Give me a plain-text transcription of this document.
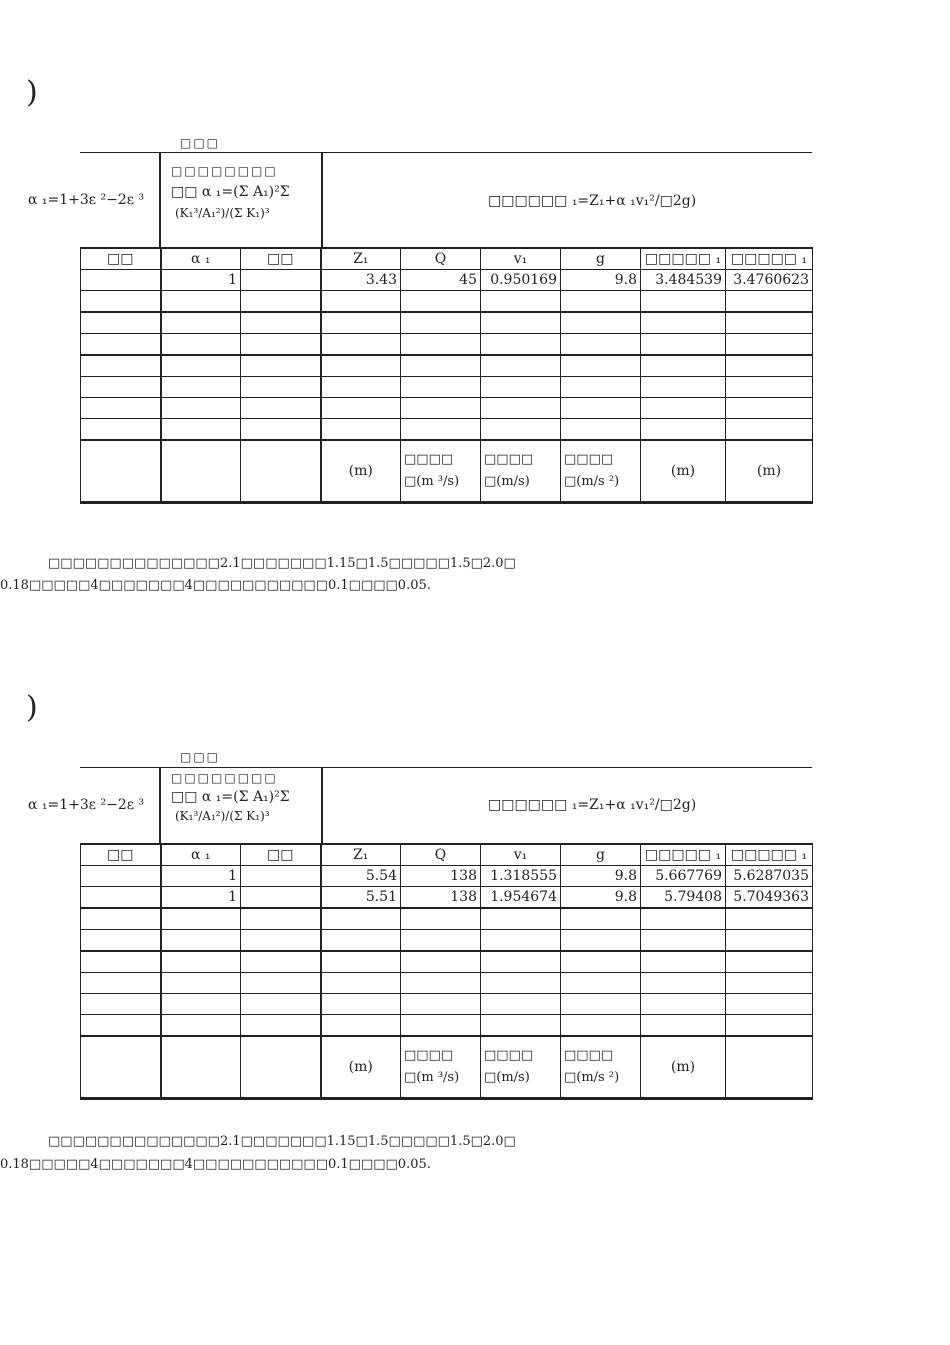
)
□□□
α ₁=1+3ε ²−2ε ³
□□□□□□□□
□□ α ₁=(Σ A₁)²Σ
(K₁³/A₁²)/(Σ K₁)³
□□□□□□ ₁=Z₁+α ₁v₁²/□2g)
□□	α ₁	□□	Z₁	Q	v₁	g	□□□□□ ₁	□□□□□ ₁
	1		3.43	45	0.950169	9.8	3.484539	3.4760623

			(m)	□□□□ □(m ³/s)	□□□□ □(m/s)	□□□□ □(m/s ²)	(m)	(m)
□□□□□□□□□□□□□□2.1□□□□□□□1.15□1.5□□□□□1.5□2.0□
0.18□□□□□4□□□□□□□4□□□□□□□□□□□0.1□□□□0.05.
)
□□□
α ₁=1+3ε ²−2ε ³
□□□□□□□□
□□ α ₁=(Σ A₁)²Σ
(K₁³/A₁²)/(Σ K₁)³
□□□□□□ ₁=Z₁+α ₁v₁²/□2g)
□□	α ₁	□□	Z₁	Q	v₁	g	□□□□□ ₁	□□□□□ ₁
	1		5.54	138	1.318555	9.8	5.667769	5.6287035
	1		5.51	138	1.954674	9.8	5.79408	5.7049363

			(m)	□□□□ □(m ³/s)	□□□□ □(m/s)	□□□□ □(m/s ²)	(m)	
□□□□□□□□□□□□□□2.1□□□□□□□1.15□1.5□□□□□1.5□2.0□
0.18□□□□□4□□□□□□□4□□□□□□□□□□□0.1□□□□0.05.
